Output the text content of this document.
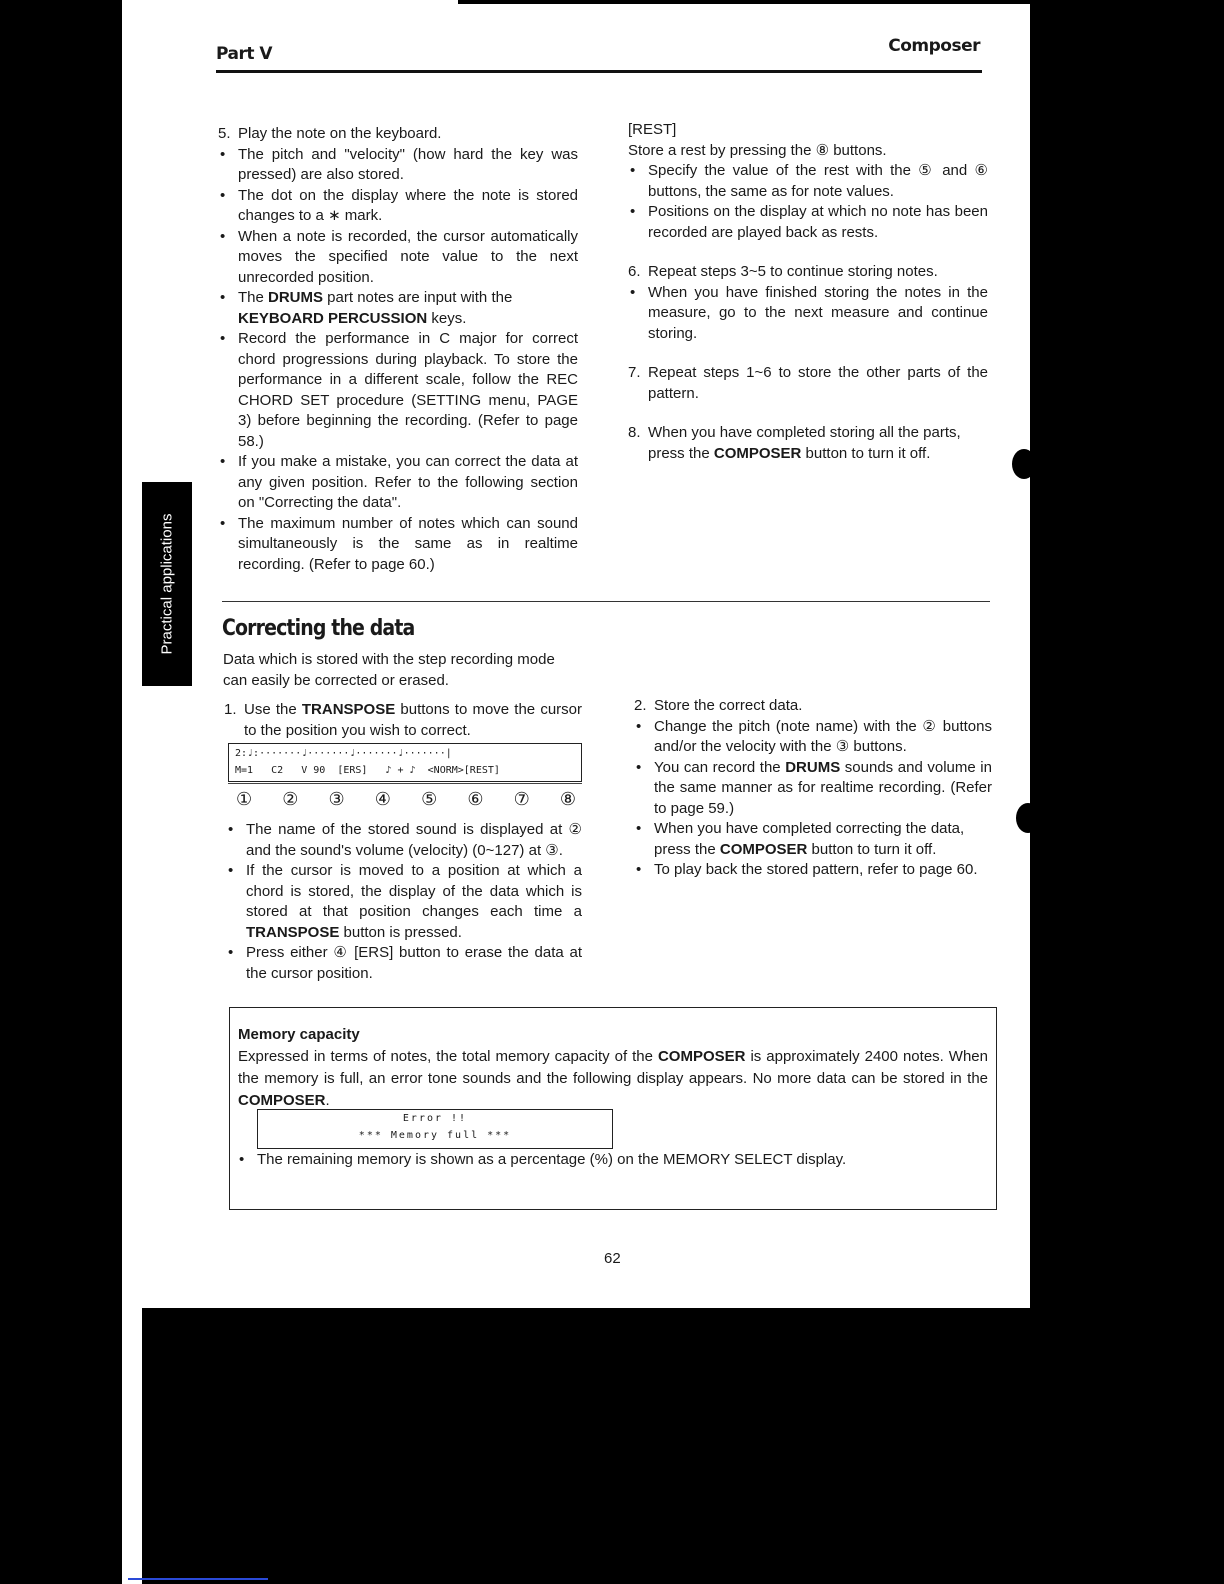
Practical applications
Part V	Composer

5. Play the note on the keyboard.

• The pitch and "velocity" (how hard the key was pressed) are also stored.

• The dot on the display where the note is stored changes to a ∗ mark.

• When a note is recorded, the cursor automatically moves the specified note value to the next unrecorded position.

• The DRUMS part notes are input with the KEYBOARD PERCUSSION keys.

• Record the performance in C major for correct chord progressions during playback. To store the performance in a different scale, follow the REC CHORD SET procedure (SETTING menu, PAGE 3) before beginning the recording. (Refer to page 58.)

• If you make a mistake, you can correct the data at any given position. Refer to the following section on "Correcting the data".

• The maximum number of notes which can sound simultaneously is the same as in realtime recording. (Refer to page 60.)

[REST]

Store a rest by pressing the ⑧ buttons.

• Specify the value of the rest with the ⑤ and ⑥ buttons, the same as for note values.

• Positions on the display at which no note has been recorded are played back as rests.

6. Repeat steps 3~5 to continue storing notes.

• When you have finished storing the notes in the measure, go to the next measure and continue storing.

7. Repeat steps 1~6 to store the other parts of the pattern.

8. When you have completed storing all the parts, press the COMPOSER button to turn it off.

Correcting the data

Data which is stored with the step recording mode can easily be corrected or erased.

1. Use the TRANSPOSE buttons to move the cursor to the position you wish to correct.

2:♩:·······♩·······♩·······♩·······|
M=1   C2   V 90  [ERS]   ♪ + ♪  <NORM>[REST]
① ② ③ ④ ⑤ ⑥ ⑦ ⑧

• The name of the stored sound is displayed at ② and the sound's volume (velocity) (0~127) at ③.

• If the cursor is moved to a position at which a chord is stored, the display of the data which is stored at that position changes each time a TRANSPOSE button is pressed.

• Press either ④ [ERS] button to erase the data at the cursor position.

2. Store the correct data.

• Change the pitch (note name) with the ② buttons and/or the velocity with the ③ buttons.

• You can record the DRUMS sounds and volume in the same manner as for realtime recording. (Refer to page 59.)

• When you have completed correcting the data, press the COMPOSER button to turn it off.

• To play back the stored pattern, refer to page 60.

Memory capacity
Expressed in terms of notes, the total memory capacity of the COMPOSER is approximately 2400 notes. When the memory is full, an error tone sounds and the following display appears. No more data can be stored in the COMPOSER.
Error !!
*** Memory full ***
• The remaining memory is shown as a percentage (%) on the MEMORY SELECT display.
62
